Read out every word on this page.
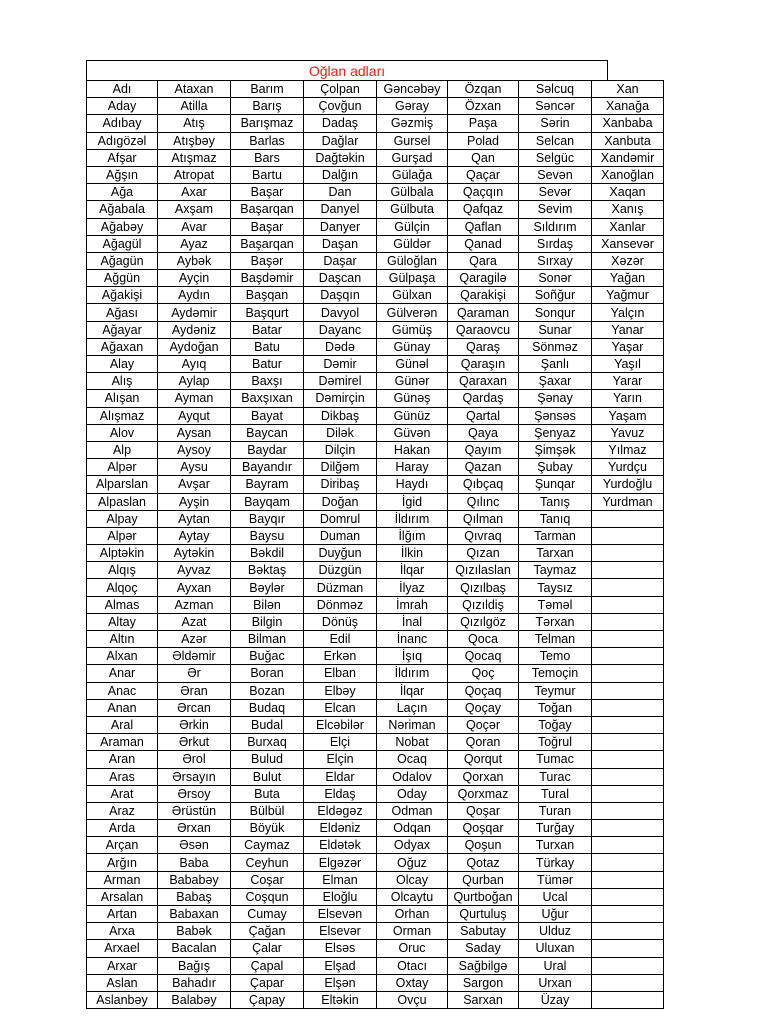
Oğlan adları
Adı	Ataxan	Barım	Çolpan	Gəncəbəy	Özqan	Səlcuq	Xan
Aday	Atilla	Barış	Çovğun	Gəray	Özxan	Səncər	Xanağa
Adıbay	Atış	Barışmaz	Dadaş	Gəzmiş	Paşa	Sərin	Xanbaba
Adıgözəl	Atışbəy	Barlas	Dağlar	Gursel	Polad	Selcan	Xanbuta
Afşar	Atışmaz	Bars	Dağtəkin	Gurşad	Qan	Selgüc	Xandəmir
Ağşın	Atropat	Bartu	Dalğın	Gülağa	Qaçar	Sevən	Xanoğlan
Ağa	Axar	Başar	Dan	Gülbala	Qaçqın	Sevər	Xaqan
Ağabala	Axşam	Başarqan	Danyel	Gülbuta	Qafqaz	Sevim	Xanış
Ağabəy	Avar	Başar	Danyer	Gülçin	Qaflan	Sıldırım	Xanlar
Ağagül	Ayaz	Başarqan	Daşan	Güldər	Qanad	Sırdaş	Xansevər
Ağagün	Aybək	Başər	Daşar	Güloğlan	Qara	Sırxay	Xəzər
Ağgün	Ayçin	Başdəmir	Daşcan	Gülpaşa	Qaragilə	Sonər	Yağan
Ağakişi	Aydın	Başqan	Daşqın	Gülxan	Qarakişi	Soñğur	Yağmur
Ağası	Aydəmir	Başqurt	Davyol	Gülverən	Qaraman	Sonqur	Yalçın
Ağayar	Aydəniz	Batar	Dayanc	Gümüş	Qaraovcu	Sunar	Yanar
Ağaxan	Aydoğan	Batu	Dədə	Günay	Qaraş	Sönməz	Yaşar
Alay	Ayıq	Batur	Dəmir	Günəl	Qaraşın	Şanlı	Yaşıl
Alış	Aylap	Baxşı	Dəmirel	Günər	Qaraxan	Şaxar	Yarar
Alışan	Ayman	Baxşıxan	Dəmirçin	Günəş	Qardaş	Şənay	Yarın
Alışmaz	Ayqut	Bayat	Dikbaş	Günüz	Qartal	Şənsəs	Yaşam
Alov	Aysan	Baycan	Dilək	Güvən	Qaya	Şenyaz	Yavuz
Alp	Aysoy	Baydar	Dilçin	Hakan	Qayım	Şimşək	Yılmaz
Alpər	Aysu	Bayandır	Dilğəm	Haray	Qazan	Şubay	Yurdçu
Alparslan	Avşar	Bayram	Diribaş	Haydı	Qıbçaq	Şunqar	Yurdoğlu
Alpaslan	Ayşin	Bayqam	Doğan	İgid	Qılınc	Tanış	Yurdman
Alpay	Aytan	Bayqır	Domrul	İldırım	Qılman	Tanıq	
Alpər	Aytay	Baysu	Duman	İlğım	Qıvraq	Tarman	
Alptəkin	Aytəkin	Bəkdil	Duyğun	İlkin	Qızan	Tarxan	
Alqış	Ayvaz	Bəktaş	Düzgün	İlqar	Qızılaslan	Taymaz	
Alqoç	Ayxan	Bəylər	Düzman	İlyaz	Qızılbaş	Taysız	
Almas	Azman	Bilən	Dönməz	İmrah	Qızıldiş	Təməl	
Altay	Azat	Bilgin	Dönüş	İnal	Qızılgöz	Tərxan	
Altın	Azər	Bilman	Edil	İnanc	Qoca	Telman	
Alxan	Əldəmir	Buğac	Erkən	İşıq	Qocaq	Temo	
Anar	Ər	Boran	Elban	İldırım	Qoç	Temoçin	
Anac	Əran	Bozan	Elbəy	İlqar	Qoçaq	Teymur	
Anan	Ərcan	Budaq	Elcan	Laçın	Qoçay	Toğan	
Aral	Ərkin	Budal	Elcəbilər	Nəriman	Qoçər	Toğay	
Araman	Ərkut	Burxaq	Elçi	Nobat	Qoran	Toğrul	
Aran	Ərol	Bulud	Elçin	Ocaq	Qorqut	Tumac	
Aras	Ərsayın	Bulut	Eldar	Odalov	Qorxan	Turac	
Arat	Ərsoy	Buta	Eldaş	Oday	Qorxmaz	Tural	
Araz	Ərüstün	Bülbül	Eldəgəz	Odman	Qoşar	Turan	
Arda	Ərxan	Böyük	Eldəniz	Odqan	Qoşqar	Turğay	
Arçan	Əsən	Caymaz	Eldətək	Odyax	Qoşun	Turxan	
Arğın	Baba	Ceyhun	Elgəzər	Oğuz	Qotaz	Türkay	
Arman	Bababəy	Coşar	Elman	Olcay	Qurban	Tümər	
Arsalan	Babaş	Coşqun	Eloğlu	Olcaytu	Qurtboğan	Ucal	
Artan	Babaxan	Cumay	Elsevən	Orhan	Qurtuluş	Uğur	
Arxa	Babək	Çağan	Elsevər	Orman	Sabutay	Ulduz	
Arxael	Bacalan	Çalar	Elsəs	Oruc	Saday	Uluxan	
Arxar	Bağış	Çapal	Elşad	Otacı	Sağbilgə	Ural	
Aslan	Bahadır	Çapar	Elşən	Oxtay	Sargon	Urxan	
Aslanbəy	Balabəy	Çapay	Eltəkin	Ovçu	Sarxan	Üzay	
